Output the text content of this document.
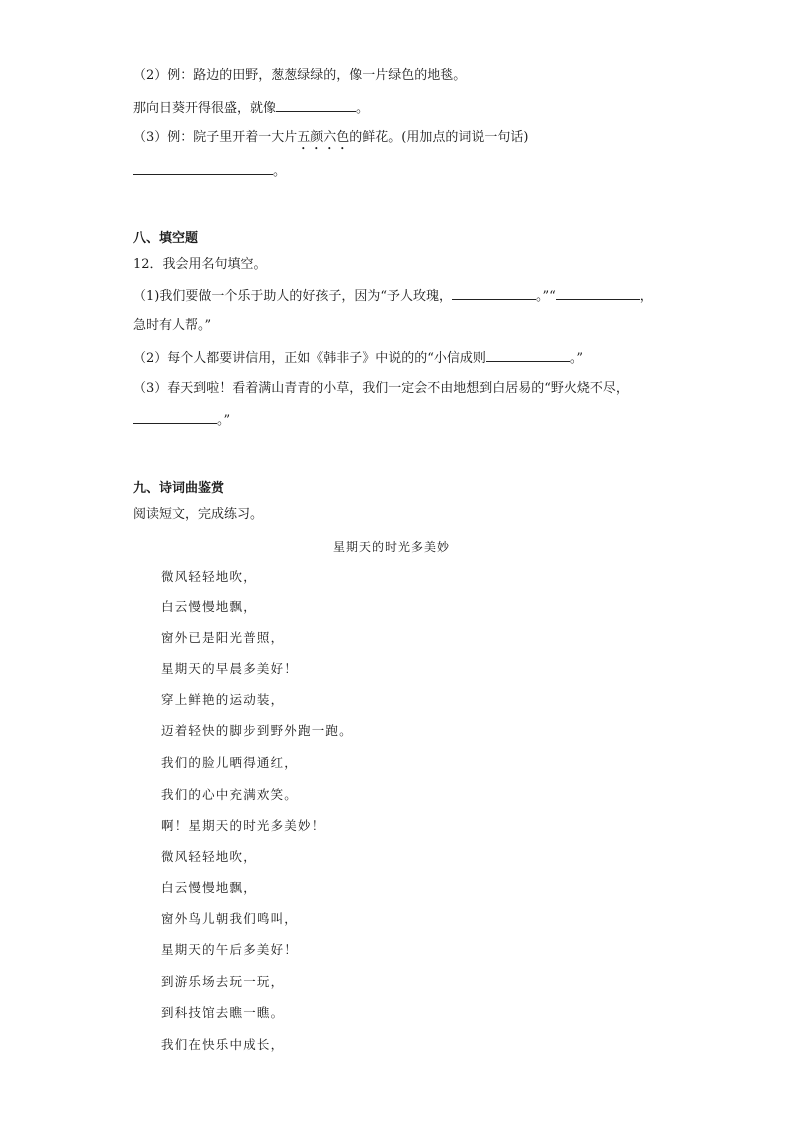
（2）例：路边的田野，葱葱绿绿的，像一片绿色的地毯。
那向日葵开得很盛，就像	。
（3）例：院子里开着一大片五颜六色的鲜花。(用加点的词说一句话)
。
八、填空题
12．我会用名句填空。
（1)我们要做一个乐于助人的好孩子，因为“予人玫瑰，	。”“	，
急时有人帮。”
（2）每个人都要讲信用，正如《韩非子》中说的的“小信成则	。”
（3）春天到啦！看着满山青青的小草，我们一定会不由地想到白居易的“野火烧不尽，
。”
九、诗词曲鉴赏
阅读短文，完成练习。
星期天的时光多美妙
微风轻轻地吹，
白云慢慢地飘，
窗外已是阳光普照，
星期天的早晨多美好！
穿上鲜艳的运动装，
迈着轻快的脚步到野外跑一跑。
我们的脸儿晒得通红，
我们的心中充满欢笑。
啊！星期天的时光多美妙！
微风轻轻地吹，
白云慢慢地飘，
窗外鸟儿朝我们鸣叫，
星期天的午后多美好！
到游乐场去玩一玩，
到科技馆去瞧一瞧。
我们在快乐中成长，
